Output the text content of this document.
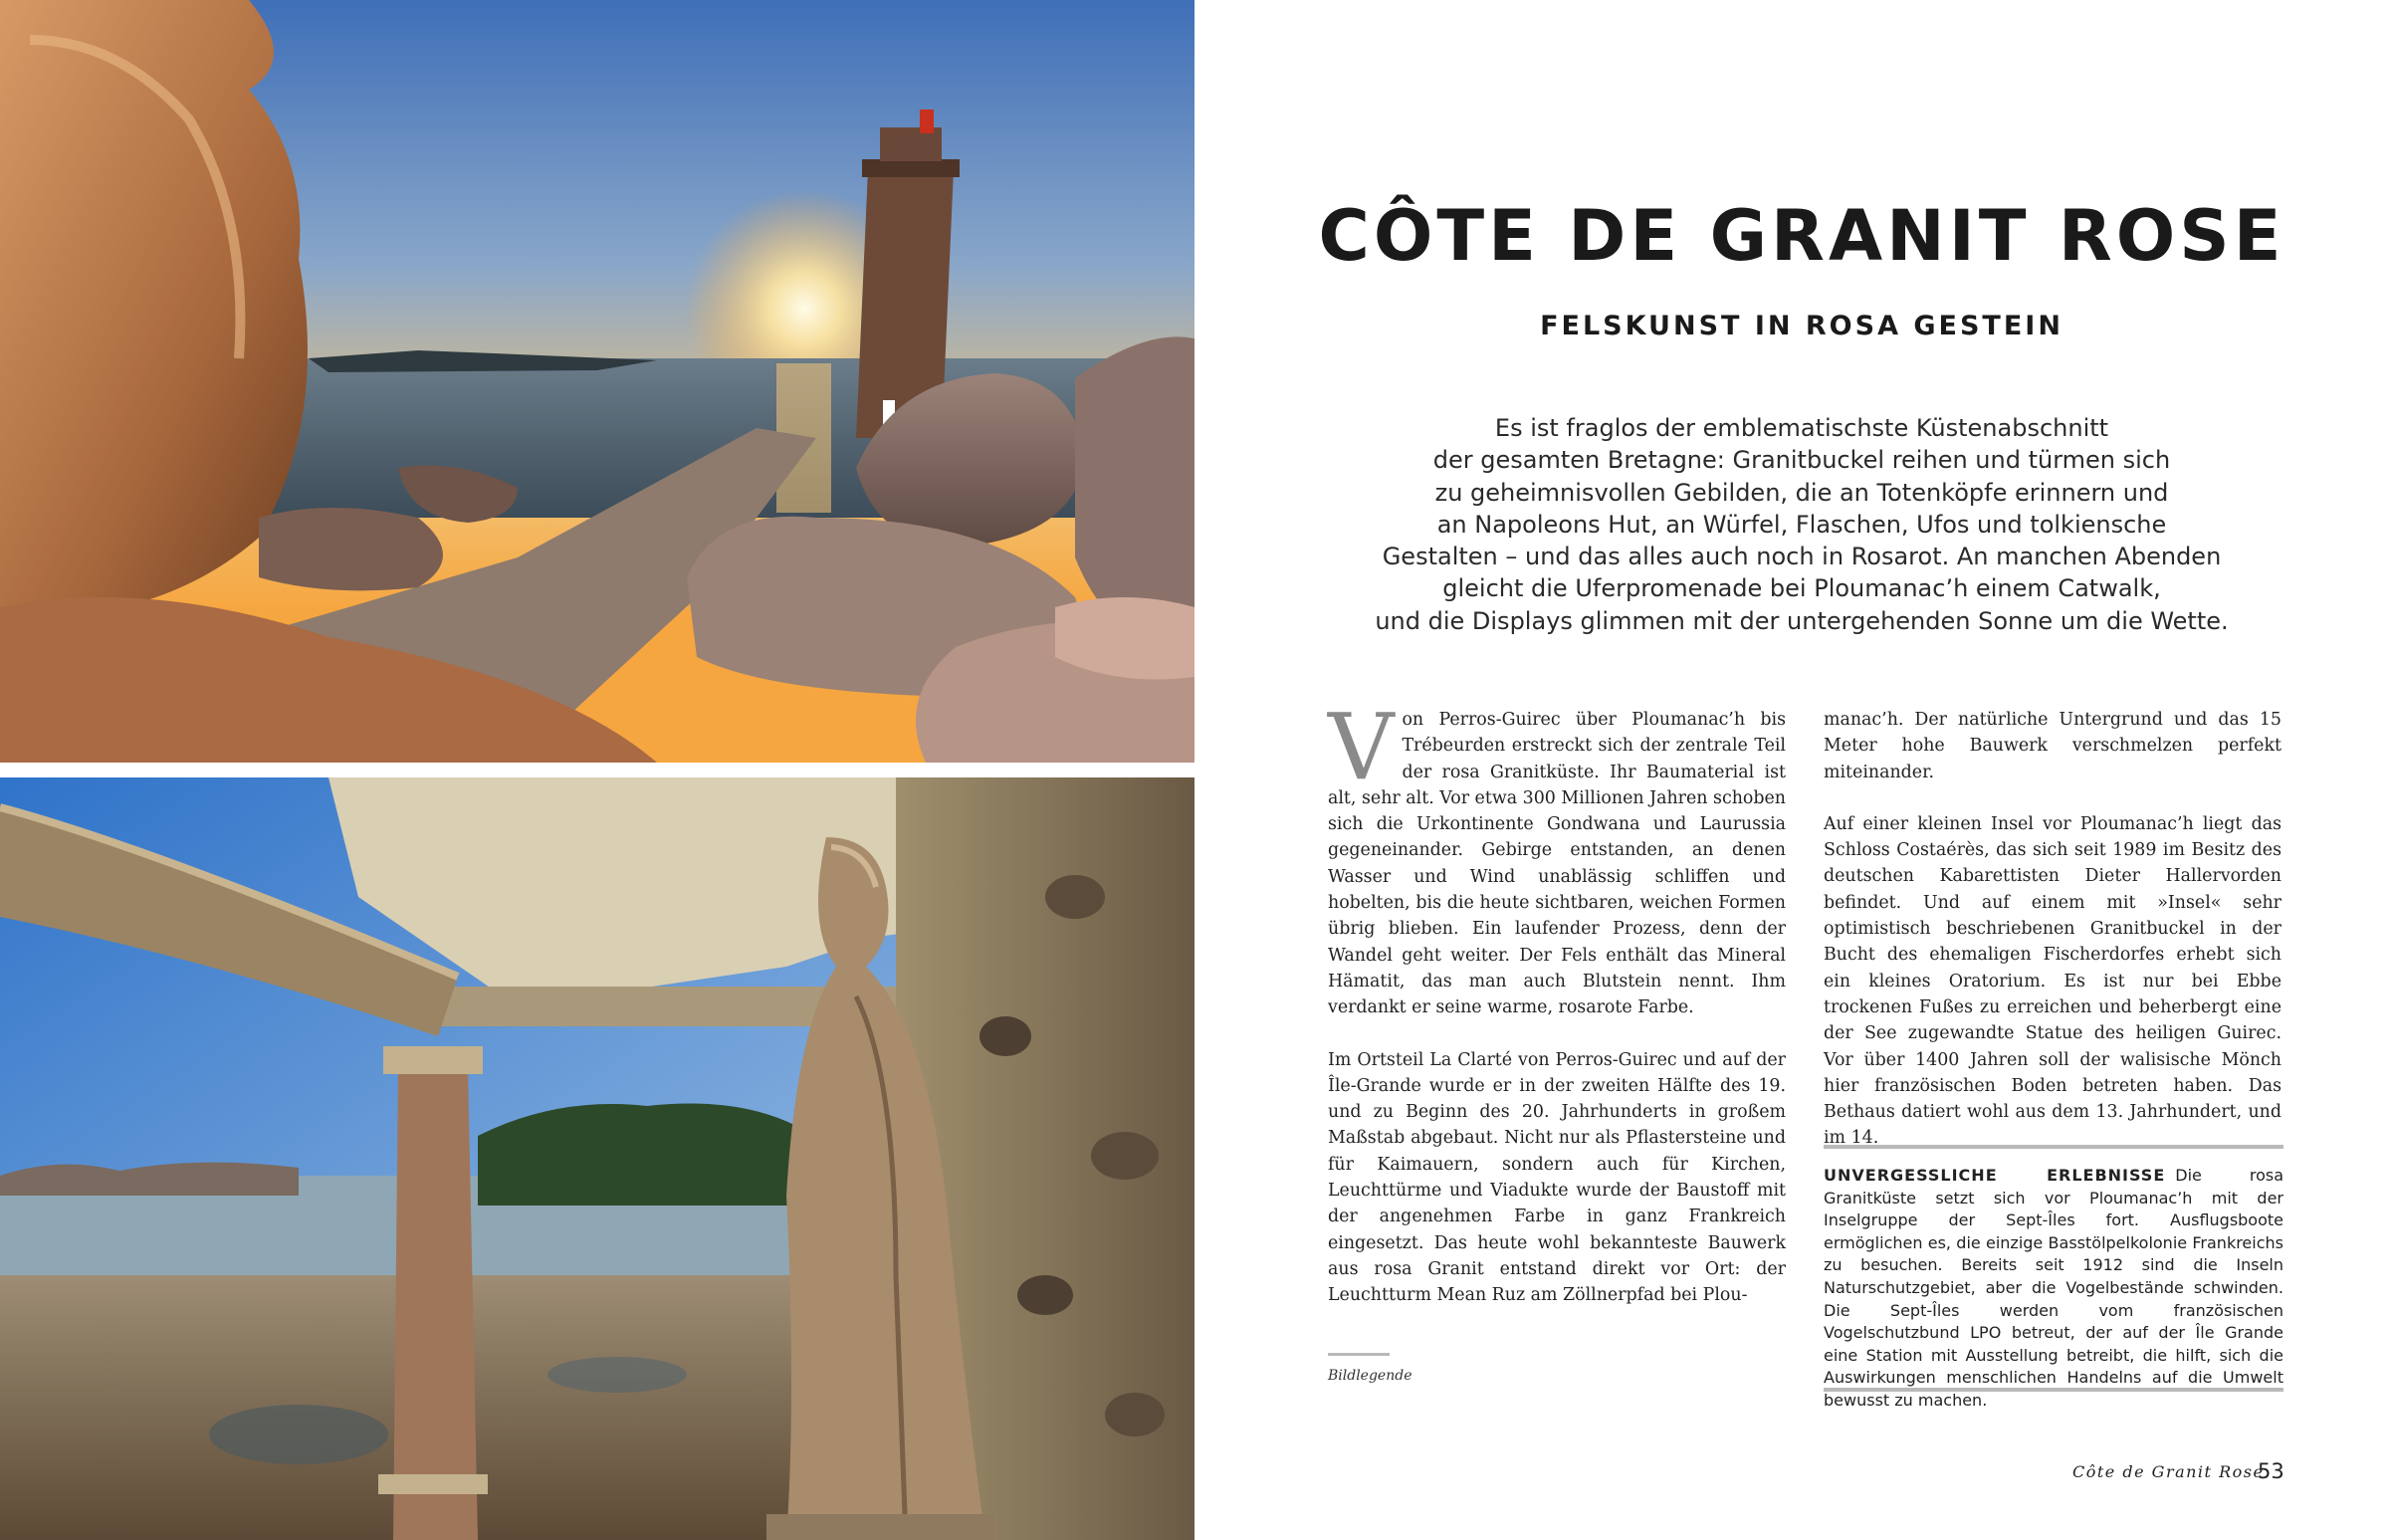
CÔTE DE GRANIT ROSE
FELSKUNST IN ROSA GESTEIN

Es ist fraglos der emblematischste Küstenabschnitt
der gesamten Bretagne: Granitbuckel reihen und türmen sich
zu geheimnisvollen Gebilden, die an Totenköpfe erinnern und
an Napoleons Hut, an Würfel, Flaschen, Ufos und tolkiensche
Gestalten – und das alles auch noch in Rosarot. An manchen Abenden
gleicht die Uferpromenade bei Ploumanac’h einem Catwalk,
und die Displays glimmen mit der untergehenden Sonne um die Wette.

Von Perros-Guirec über Ploumanac’h bis Trébeurden erstreckt sich der zentrale Teil der rosa Granitküste. Ihr Baumaterial ist alt, sehr alt. Vor etwa 300 Millionen Jahren schoben sich die Urkontinente Gondwana und Laurussia gegeneinander. Gebirge entstanden, an denen Wasser und Wind unablässig schliffen und hobelten, bis die heute sichtbaren, weichen Formen übrig blieben. Ein laufender Prozess, denn der Wandel geht weiter. Der Fels enthält das Mineral Hämatit, das man auch Blutstein nennt. Ihm verdankt er seine warme, rosarote Farbe.

Im Ortsteil La Clarté von Perros-Guirec und auf der Île-Grande wurde er in der zweiten Hälfte des 19. und zu Beginn des 20. Jahrhunderts in großem Maßstab abgebaut. Nicht nur als Pflastersteine und für Kaimauern, sondern auch für Kirchen, Leuchttürme und Viadukte wurde der Baustoff mit der angenehmen Farbe in ganz Frankreich eingesetzt. Das heute wohl bekannteste Bauwerk aus rosa Granit entstand direkt vor Ort: der Leuchtturm Mean Ruz am Zöllnerpfad bei Plou-

manac’h. Der natürliche Untergrund und das 15 Meter hohe Bauwerk verschmelzen perfekt miteinander.

Auf einer kleinen Insel vor Ploumanac’h liegt das Schloss Costaérès, das sich seit 1989 im Besitz des deutschen Kabarettisten Dieter Hallervorden befindet. Und auf einem mit »Insel« sehr optimistisch beschriebenen Granitbuckel in der Bucht des ehemaligen Fischerdorfes erhebt sich ein kleines Oratorium. Es ist nur bei Ebbe trockenen Fußes zu erreichen und beherbergt eine der See zugewandte Statue des heiligen Guirec. Vor über 1400 Jahren soll der walisische Mönch hier französischen Boden betreten haben. Das Bethaus datiert wohl aus dem 13. Jahrhundert, und im 14.

UNVERGESSLICHE ERLEBNISSE Die rosa Granitküste setzt sich vor Ploumanac’h mit der Inselgruppe der Sept-Îles fort. Ausflugsboote ermöglichen es, die einzige Basstölpelkolonie Frankreichs zu besuchen. Bereits seit 1912 sind die Inseln Naturschutzgebiet, aber die Vogelbestände schwinden. Die Sept-Îles werden vom französischen Vogelschutzbund LPO betreut, der auf der Île Grande eine Station mit Ausstellung betreibt, die hilft, sich die Auswirkungen menschlichen Handelns auf die Umwelt bewusst zu machen.

Bildlegende
Côte de Granit Rose
53
